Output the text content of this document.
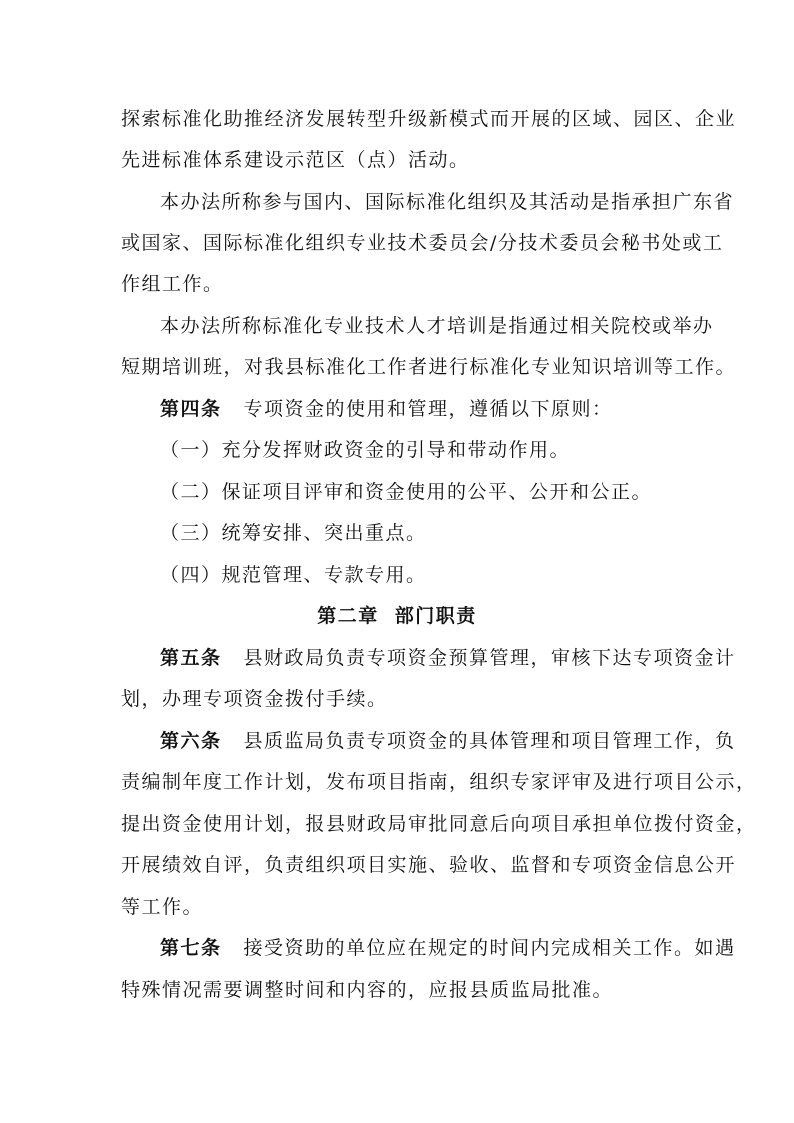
探索标准化助推经济发展转型升级新模式而开展的区域、园区、企业
先进标准体系建设示范区（点）活动。
本办法所称参与国内、国际标准化组织及其活动是指承担广东省
或国家、国际标准化组织专业技术委员会/分技术委员会秘书处或工
作组工作。
本办法所称标准化专业技术人才培训是指通过相关院校或举办
短期培训班，对我县标准化工作者进行标准化专业知识培训等工作。
第四条 专项资金的使用和管理，遵循以下原则：
（一）充分发挥财政资金的引导和带动作用。
（二）保证项目评审和资金使用的公平、公开和公正。
（三）统筹安排、突出重点。
（四）规范管理、专款专用。
第二章 部门职责
第五条 县财政局负责专项资金预算管理，审核下达专项资金计
划，办理专项资金拨付手续。
第六条 县质监局负责专项资金的具体管理和项目管理工作，负
责编制年度工作计划，发布项目指南，组织专家评审及进行项目公示，
提出资金使用计划，报县财政局审批同意后向项目承担单位拨付资金，
开展绩效自评，负责组织项目实施、验收、监督和专项资金信息公开
等工作。
第七条 接受资助的单位应在规定的时间内完成相关工作。如遇
特殊情况需要调整时间和内容的，应报县质监局批准。
